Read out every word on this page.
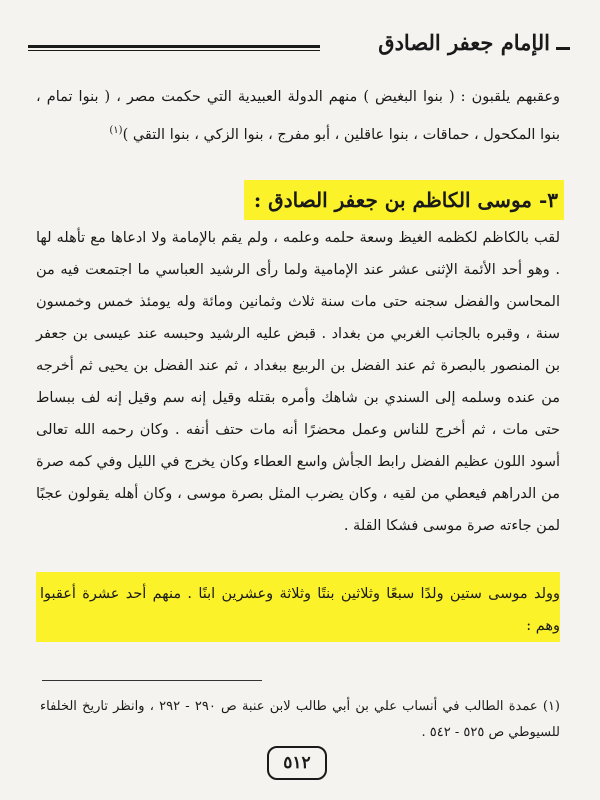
الإمام جعفر الصادق
وعقبهم يلقبون : ( بنوا البغيض ) منهم الدولة العبيدية التي حكمت مصر ، ( بنوا تمام ، بنوا المكحول ، حماقات ، بنوا عاقلين ، أبو مفرج ، بنوا الزكي ، بنوا التقي )$^{(١)}$
٣- موسى الكاظم بن جعفر الصادق :
لقب بالكاظم لكظمه الغيظ وسعة حلمه وعلمه ، ولم يقم بالإمامة ولا ادعاها مع تأهله لها . وهو أحد الأئمة الإثنى عشر عند الإمامية ولما رأى الرشيد العباسي ما اجتمعت فيه من المحاسن والفضل سجنه حتى مات سنة ثلاث وثمانين ومائة وله يومئذ خمس وخمسون سنة ، وقبره بالجانب الغربي من بغداد . قبض عليه الرشيد وحبسه عند عيسى بن جعفر بن المنصور بالبصرة ثم عند الفضل بن الربيع ببغداد ، ثم عند الفضل بن يحيى ثم أخرجه من عنده وسلمه إلى السندي بن شاهك وأمره بقتله وقيل إنه سم وقيل إنه لف ببساط حتى مات ، ثم أخرج للناس وعمل محضرًا أنه مات حتف أنفه . وكان رحمه الله تعالى أسود اللون عظيم الفضل رابط الجأش واسع العطاء وكان يخرج في الليل وفي كمه صرة من الدراهم فيعطي من لقيه ، وكان يضرب المثل بصرة موسى ، وكان أهله يقولون عجبًا لمن جاءته صرة موسى فشكا القلة .
وولد موسى ستين ولدًا سبعًا وثلاثين بنتًا وثلاثة وعشرين ابنًا . منهم أحد عشرة أعقبوا وهم :
(١) عمدة الطالب في أنساب علي بن أبي طالب لابن عنبة ص ٢٩٠ - ٢٩٢ ، وانظر تاريخ الخلفاء للسيوطي ص ٥٢٥ - ٥٤٢ .
٥١٢
